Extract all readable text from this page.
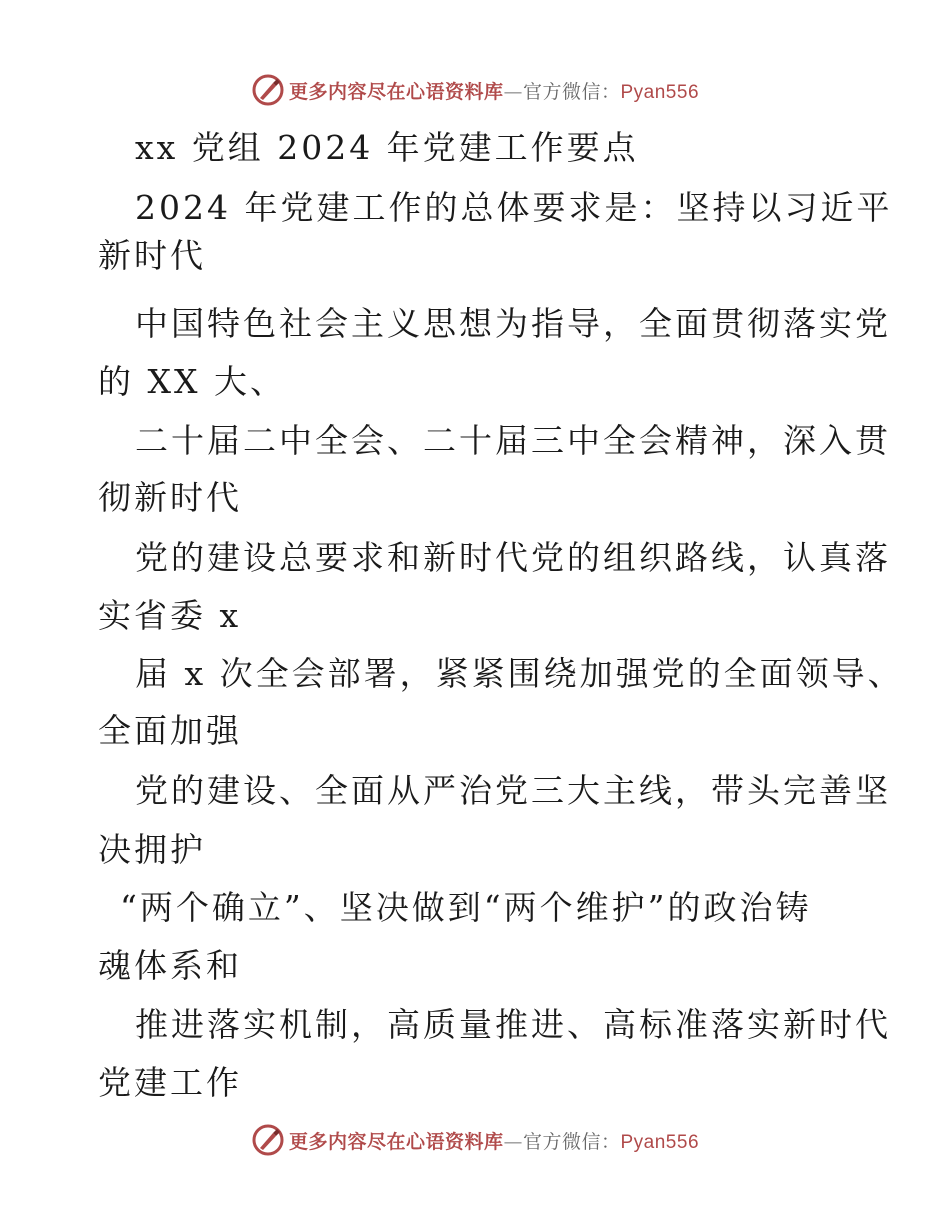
更多内容尽在心语资料库—官方微信：Pyan556
xx 党组 2024 年党建工作要点
2024 年党建工作的总体要求是：坚持以习近平
新时代
中国特色社会主义思想为指导，全面贯彻落实党
的 XX 大、
二十届二中全会、二十届三中全会精神，深入贯
彻新时代
党的建设总要求和新时代党的组织路线，认真落
实省委 x
届 x 次全会部署，紧紧围绕加强党的全面领导、
全面加强
党的建设、全面从严治党三大主线，带头完善坚
决拥护
“两个确立”、坚决做到“两个维护”的政治铸
魂体系和
推进落实机制，高质量推进、高标准落实新时代
党建工作
更多内容尽在心语资料库—官方微信：Pyan556
